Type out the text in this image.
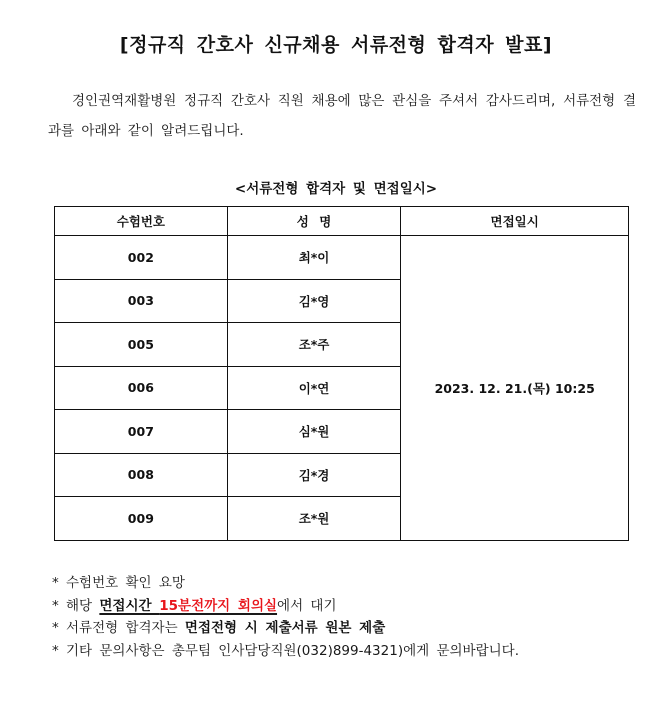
[정규직 간호사 신규채용 서류전형 합격자 발표]
경인권역재활병원 정규직 간호사 직원 채용에 많은 관심을 주셔서 감사드리며, 서류전형 결과를 아래와 같이 알려드립니다.
<서류전형 합격자 및 면접일시>
수험번호	성 명	면접일시
002	최*이	2023. 12. 21.(목) 10:25
003	김*영	
005	조*주	
006	이*연	
007	심*원	
008	김*경	
009	조*원	
* 수험번호 확인 요망
* 해당 면접시간 15분전까지 회의실에서 대기
* 서류전형 합격자는 면접전형 시 제출서류 원본 제출
* 기타 문의사항은 총무팀 인사담당직원(032)899-4321)에게 문의바랍니다.
